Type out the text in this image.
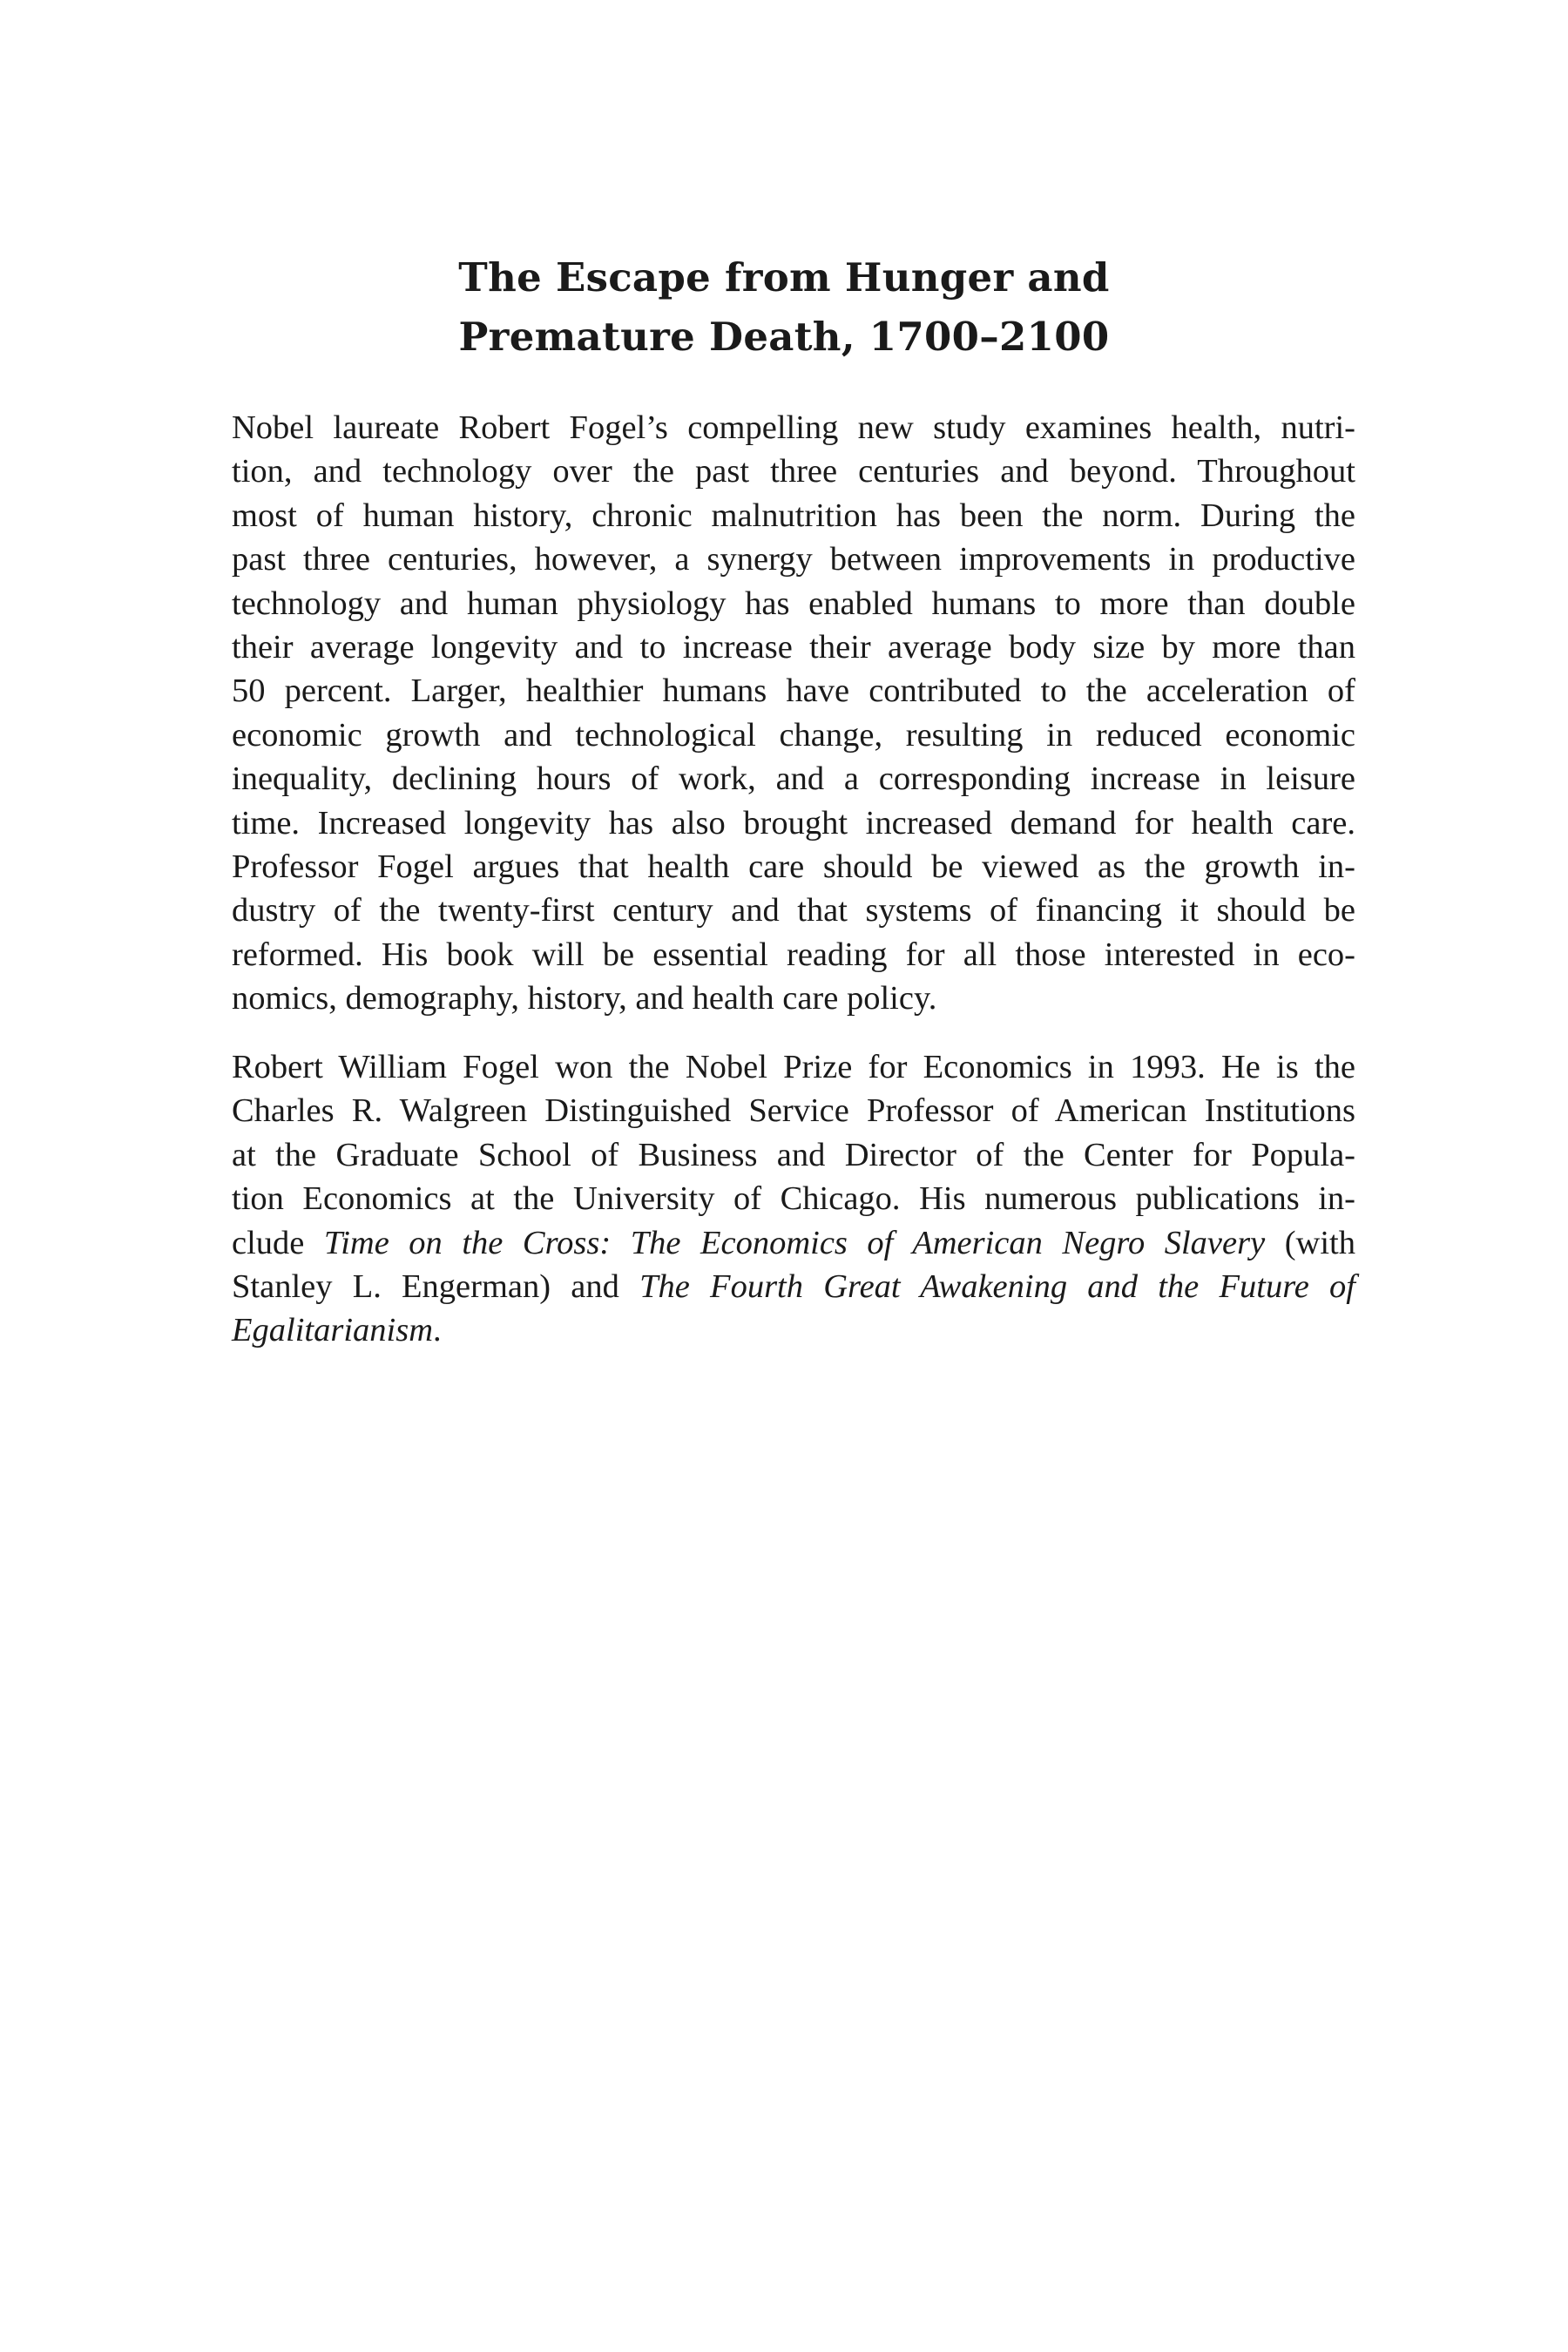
The Escape from Hunger and
Premature Death, 1700–2100

Nobel laureate Robert Fogel’s compelling new study examines health, nutri-
tion, and technology over the past three centuries and beyond. Throughout
most of human history, chronic malnutrition has been the norm. During the
past three centuries, however, a synergy between improvements in productive
technology and human physiology has enabled humans to more than double
their average longevity and to increase their average body size by more than
50 percent. Larger, healthier humans have contributed to the acceleration of
economic growth and technological change, resulting in reduced economic
inequality, declining hours of work, and a corresponding increase in leisure
time. Increased longevity has also brought increased demand for health care.
Professor Fogel argues that health care should be viewed as the growth in-
dustry of the twenty-first century and that systems of financing it should be
reformed. His book will be essential reading for all those interested in eco-
nomics, demography, history, and health care policy.

Robert William Fogel won the Nobel Prize for Economics in 1993. He is the
Charles R. Walgreen Distinguished Service Professor of American Institutions
at the Graduate School of Business and Director of the Center for Popula-
tion Economics at the University of Chicago. His numerous publications in-
clude Time on the Cross: The Economics of American Negro Slavery (with
Stanley L. Engerman) and The Fourth Great Awakening and the Future of
Egalitarianism.
